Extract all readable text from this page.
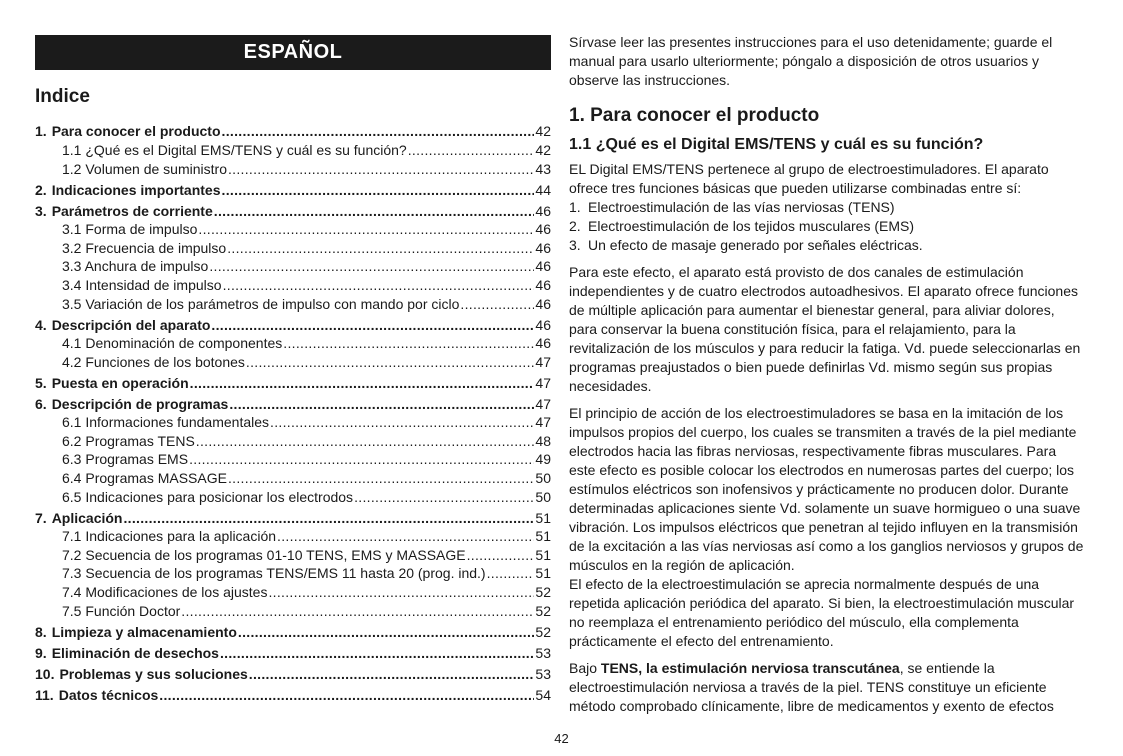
ESPAÑOL
Indice
1. Para conocer el producto .....	42
1.1 ¿Qué es el Digital EMS/TENS y cuál es su función? .....	42
1.2 Volumen de suministro .....	43
2. Indicaciones importantes .....	44
3. Parámetros de corriente .....	46
3.1 Forma de impulso .....	46
3.2 Frecuencia de impulso .....	46
3.3 Anchura de impulso .....	46
3.4 Intensidad de impulso .....	46
3.5 Variación de los parámetros de impulso con mando por ciclo .....	46
4. Descripción del aparato .....	46
4.1 Denominación de componentes .....	46
4.2 Funciones de los botones .....	47
5. Puesta en operación .....	47
6. Descripción de programas .....	47
6.1 Informaciones fundamentales .....	47
6.2 Programas TENS .....	48
6.3 Programas EMS .....	49
6.4 Programas MASSAGE .....	50
6.5 Indicaciones para posicionar los electrodos .....	50
7. Aplicación .....	51
7.1 Indicaciones para la aplicación .....	51
7.2 Secuencia de los programas 01-10 TENS, EMS y MASSAGE .....	51
7.3 Secuencia de los programas TENS/EMS 11 hasta 20 (prog. ind.) .....	51
7.4 Modificaciones de los ajustes .....	52
7.5 Función Doctor .....	52
8. Limpieza y almacenamiento .....	52
9. Eliminación de desechos .....	53
10. Problemas y sus soluciones .....	53
11. Datos técnicos .....	54

Sírvase leer las presentes instrucciones para el uso detenidamente; guarde el manual para usarlo ulteriormente; póngalo a disposición de otros usuarios y observe las instrucciones.

1. Para conocer el producto
1.1 ¿Qué es el Digital EMS/TENS y cuál es su función?

EL Digital EMS/TENS pertenece al grupo de electroestimuladores. El aparato ofrece tres funciones básicas que pueden utilizarse combinadas entre sí:

1. Electroestimulación de las vías nerviosas (TENS)
2. Electroestimulación de los tejidos musculares (EMS)
3. Un efecto de masaje generado por señales eléctricas.

Para este efecto, el aparato está provisto de dos canales de estimulación independientes y de cuatro electrodos autoadhesivos. El aparato ofrece funciones de múltiple aplicación para aumentar el bienestar general, para aliviar dolores, para conservar la buena constitución física, para el relajamiento, para la revitalización de los músculos y para reducir la fatiga. Vd. puede seleccionarlas en programas preajustados o bien puede definirlas Vd. mismo según sus propias necesidades.

El principio de acción de los electroestimuladores se basa en la imitación de los impulsos propios del cuerpo, los cuales se transmiten a través de la piel mediante electrodos hacia las fibras nerviosas, respectivamente fibras musculares. Para este efecto es posible colocar los electrodos en numerosas partes del cuerpo; los estímulos eléctricos son inofensivos y prácticamente no producen dolor. Durante determinadas aplicaciones siente Vd. solamente un suave hormigueo o una suave vibración. Los impulsos eléctricos que penetran al tejido influyen en la transmisión de la excitación a las vías nerviosas así como a los ganglios nerviosos y grupos de músculos en la región de aplicación.

El efecto de la electroestimulación se aprecia normalmente después de una repetida aplicación periódica del aparato. Si bien, la electroestimulación muscular no reemplaza el entrenamiento periódico del músculo, ella complementa prácticamente el efecto del entrenamiento.

Bajo TENS, la estimulación nerviosa transcutánea, se entiende la electroestimulación nerviosa a través de la piel. TENS constituye un eficiente método comprobado clínicamente, libre de medicamentos y exento de efectos

42
